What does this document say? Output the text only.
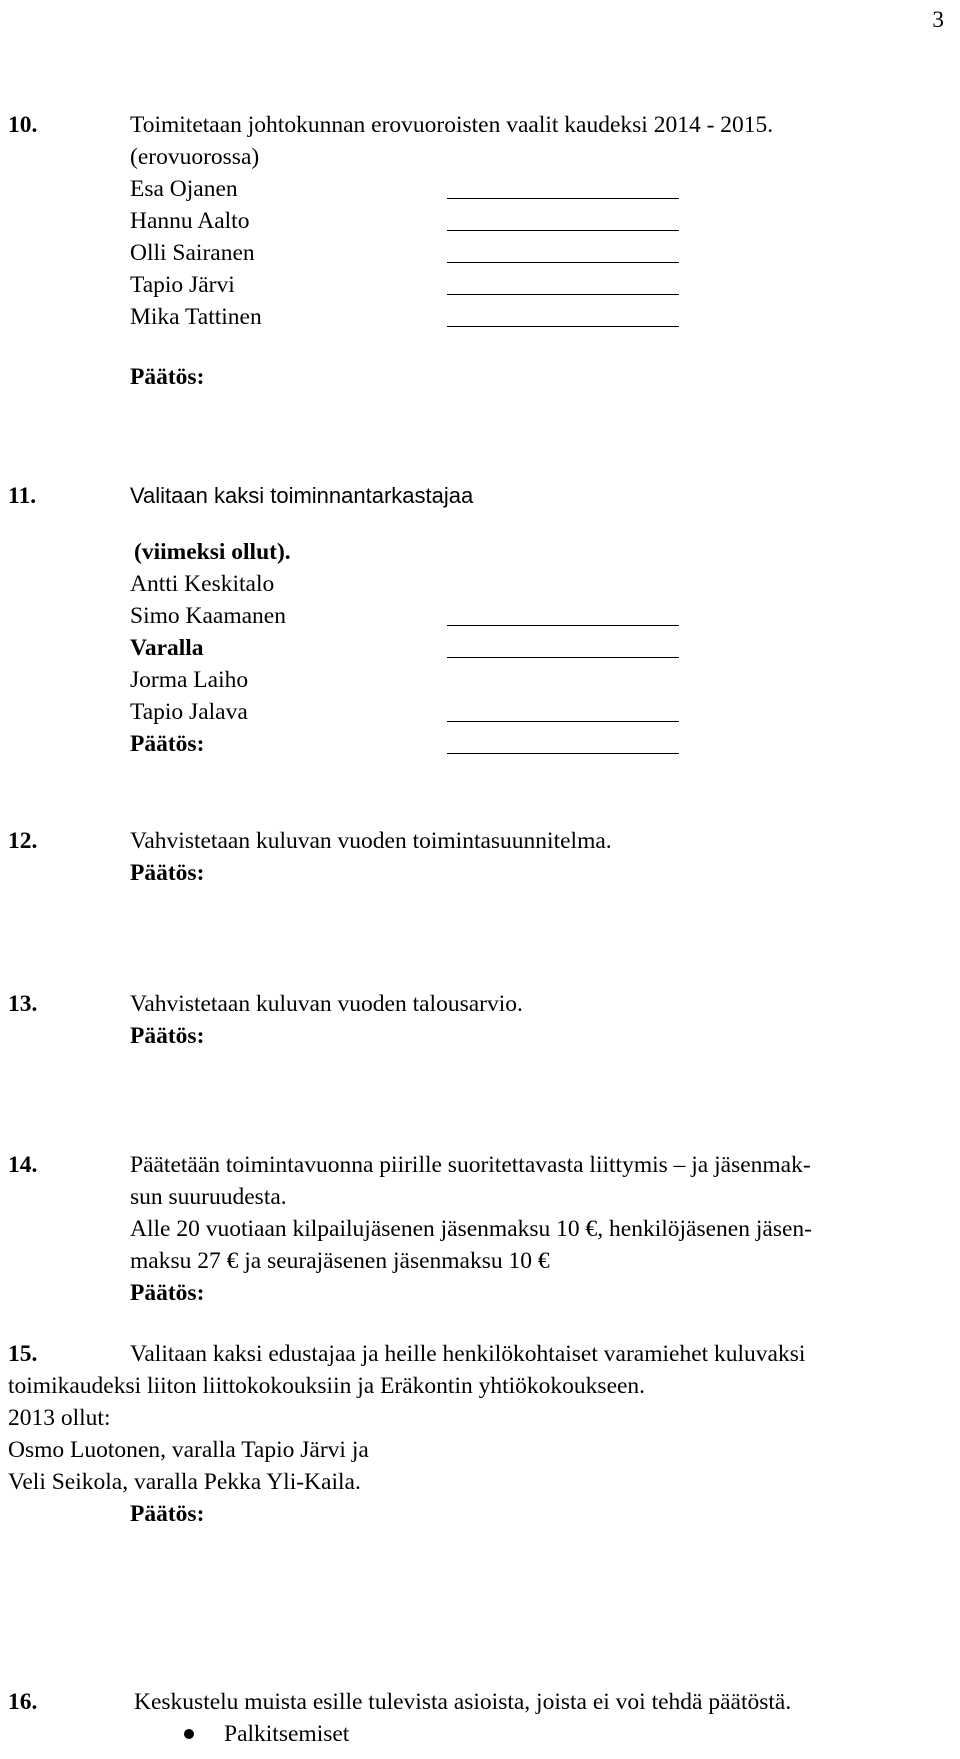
3
10.	Toimitetaan johtokunnan erovuoroisten vaalit kaudeksi 2014 - 2015.
(erovuorossa)
Esa Ojanen
Hannu Aalto
Olli Sairanen
Tapio Järvi
Mika Tattinen
Päätös:
11.	Valitaan kaksi toiminnantarkastajaa
(viimeksi ollut).
Antti Keskitalo
Simo Kaamanen
Varalla
Jorma Laiho
Tapio Jalava
Päätös:
12.	Vahvistetaan kuluvan vuoden toimintasuunnitelma.
Päätös:
13.	Vahvistetaan kuluvan vuoden talousarvio.
Päätös:
14.	Päätetään toimintavuonna piirille suoritettavasta liittymis – ja jäsenmak-
sun suuruudesta.
Alle 20 vuotiaan kilpailujäsenen jäsenmaksu 10 €, henkilöjäsenen jäsen-
maksu 27 € ja seurajäsenen jäsenmaksu 10 €
Päätös:
15.	Valitaan kaksi edustajaa ja heille henkilökohtaiset varamiehet kuluvaksi
toimikaudeksi liiton liittokokouksiin ja Eräkontin yhtiökokoukseen.
2013 ollut:
Osmo Luotonen, varalla Tapio Järvi ja
Veli Seikola, varalla Pekka Yli-Kaila.
Päätös:
16.	Keskustelu muista esille tulevista asioista, joista ei voi tehdä päätöstä.
Palkitsemiset
